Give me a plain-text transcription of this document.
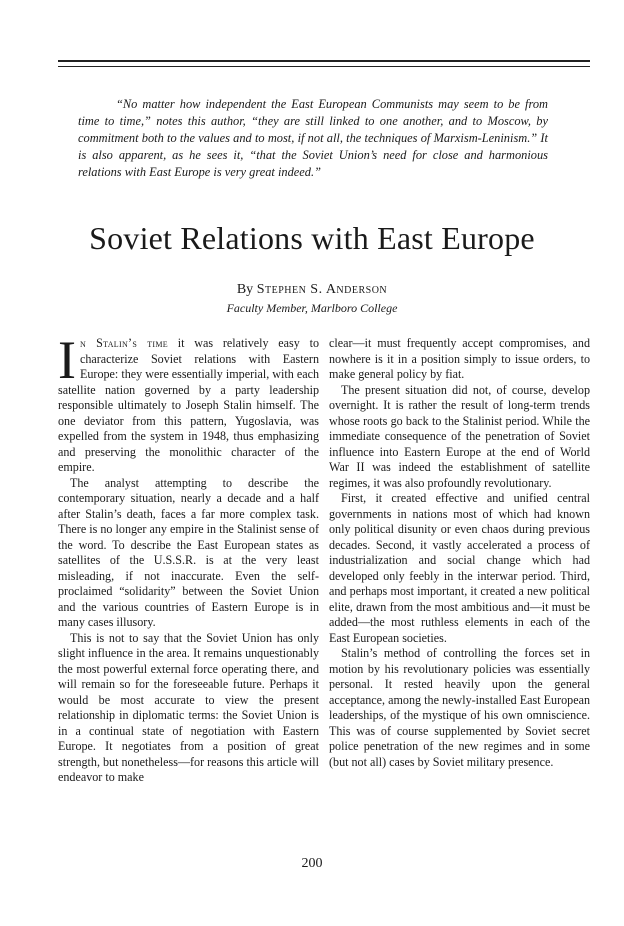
“No matter how independent the East European Communists may seem to be from time to time,” notes this author, “they are still linked to one another, and to Moscow, by commitment both to the values and to most, if not all, the techniques of Marxism-Leninism.” It is also apparent, as he sees it, “that the Soviet Union’s need for close and harmonious relations with East Europe is very great indeed.”

Soviet Relations with East Europe
By Stephen S. Anderson
Faculty Member, Marlboro College

In Stalin’s time it was relatively easy to characterize Soviet relations with Eastern Europe: they were essentially imperial, with each satellite nation governed by a party leadership responsible ultimately to Joseph Stalin himself. The one deviator from this pattern, Yugoslavia, was expelled from the system in 1948, thus emphasizing and preserving the monolithic character of the empire.

The analyst attempting to describe the contemporary situation, nearly a decade and a half after Stalin’s death, faces a far more complex task. There is no longer any empire in the Stalinist sense of the word. To describe the East European states as satellites of the U.S.S.R. is at the very least misleading, if not inaccurate. Even the self-proclaimed “solidarity” between the Soviet Union and the various countries of Eastern Europe is in many cases illusory.

This is not to say that the Soviet Union has only slight influence in the area. It remains unquestionably the most powerful external force operating there, and will remain so for the foreseeable future. Perhaps it would be most accurate to view the present relationship in diplomatic terms: the Soviet Union is in a continual state of negotiation with Eastern Europe. It negotiates from a position of great strength, but nonetheless—for reasons this article will endeavor to make

clear—it must frequently accept compromises, and nowhere is it in a position simply to issue orders, to make general policy by fiat.

The present situation did not, of course, develop overnight. It is rather the result of long-term trends whose roots go back to the Stalinist period. While the immediate consequence of the penetration of Soviet influence into Eastern Europe at the end of World War II was indeed the establishment of satellite regimes, it was also profoundly revolutionary.

First, it created effective and unified central governments in nations most of which had known only political disunity or even chaos during previous decades. Second, it vastly accelerated a process of industrialization and social change which had developed only feebly in the interwar period. Third, and perhaps most important, it created a new political elite, drawn from the most ambitious and—it must be added—the most ruthless elements in each of the East European societies.

Stalin’s method of controlling the forces set in motion by his revolutionary policies was essentially personal. It rested heavily upon the general acceptance, among the newly-installed East European leaderships, of the mystique of his own omniscience. This was of course supplemented by Soviet secret police penetration of the new regimes and in some (but not all) cases by Soviet military presence.

200
